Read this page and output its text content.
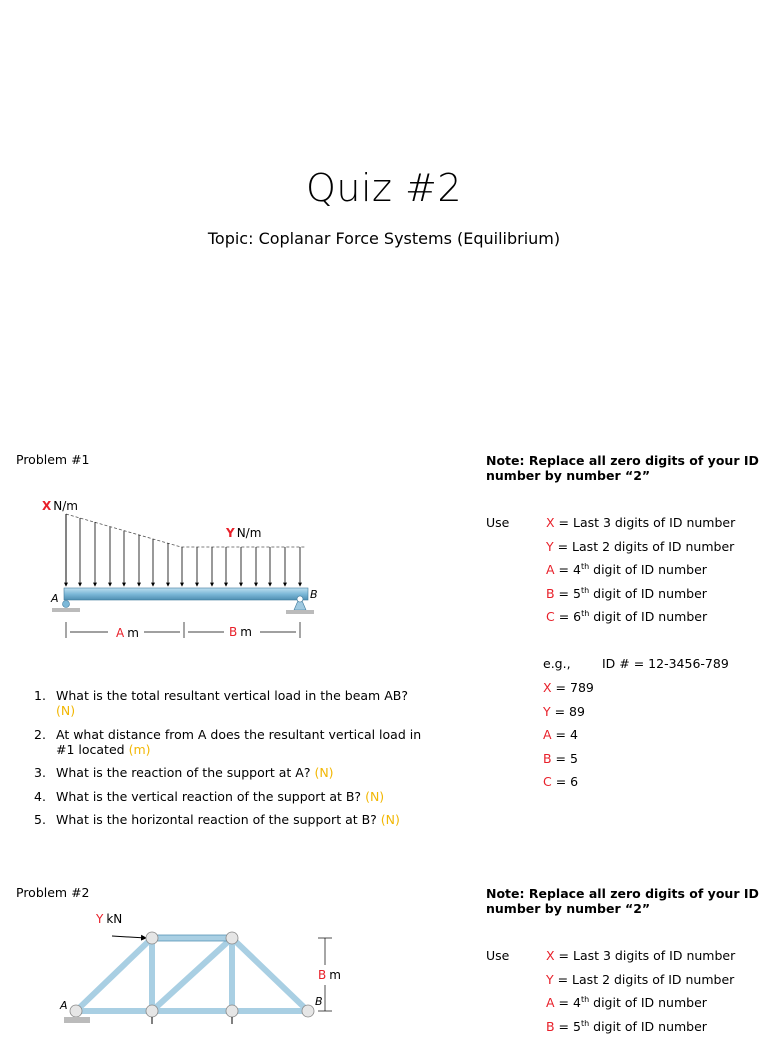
Quiz #2
Topic: Coplanar Force Systems (Equilibrium)
Problem #1
X N/m
Y N/m
A	B
A m	B m
1. What is the total resultant vertical load in the beam AB? (N)
2. At what distance from A does the resultant vertical load in #1 located (m)
3. What is the reaction of the support at A? (N)
4. What is the vertical reaction of the support at B? (N)
5. What is the horizontal reaction of the support at B? (N)
Note: Replace all zero digits of your ID
number by number “2”
Use	X = Last 3 digits of ID number
Y = Last 2 digits of ID number
A = 4th digit of ID number
B = 5th digit of ID number
C = 6th digit of ID number
e.g.,	ID # = 12-3456-789
X = 789
Y = 89
A = 4
B = 5
C = 6
Problem #2
Y kN
B m
A	B
Note: Replace all zero digits of your ID
number by number “2”
Use	X = Last 3 digits of ID number
Y = Last 2 digits of ID number
A = 4th digit of ID number
B = 5th digit of ID number
